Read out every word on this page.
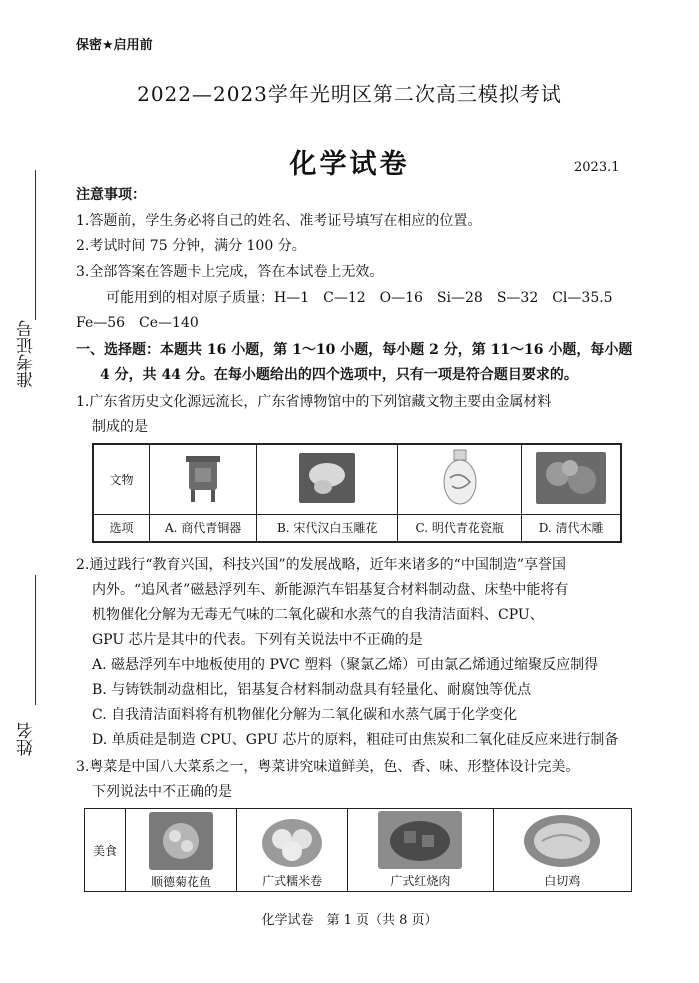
准考证号
姓名
保密★启用前
2022—2023学年光明区第二次高三模拟考试
化学试卷	2023.1
注意事项：
1.答题前，学生务必将自己的姓名、准考证号填写在相应的位置。
2.考试时间 75 分钟，满分 100 分。
3.全部答案在答题卡上完成，答在本试卷上无效。
可能用到的相对原子质量：H—1　C—12　O—16　Si—28　S—32　Cl—35.5
Fe—56　Ce—140
一、选择题：本题共 16 小题，第 1～10 小题，每小题 2 分，第 11～16 小题，每小题
4 分，共 44 分。在每小题给出的四个选项中，只有一项是符合题目要求的。
1.广东省历史文化源远流长，广东省博物馆中的下列馆藏文物主要由金属材料
制成的是
文物				
选项	A. 商代青铜器	B. 宋代汉白玉雕花	C. 明代青花瓷瓶	D. 清代木雕
2.通过践行“教育兴国，科技兴国”的发展战略，近年来诸多的“中国制造”享誉国
内外。“追风者”磁悬浮列车、新能源汽车铝基复合材料制动盘、床垫中能将有
机物催化分解为无毒无气味的二氧化碳和水蒸气的自我清洁面料、CPU、
GPU 芯片是其中的代表。下列有关说法中不正确的是
A. 磁悬浮列车中地板使用的 PVC 塑料（聚氯乙烯）可由氯乙烯通过缩聚反应制得
B. 与铸铁制动盘相比，铝基复合材料制动盘具有轻量化、耐腐蚀等优点
C. 自我清洁面料将有机物催化分解为二氧化碳和水蒸气属于化学变化
D. 单质硅是制造 CPU、GPU 芯片的原料，粗硅可由焦炭和二氧化硅反应来进行制备
3.粤菜是中国八大菜系之一，粤菜讲究味道鲜美，色、香、味、形整体设计完美。
下列说法中不正确的是
美食	
顺德菊花鱼	广式糯米卷	广式红烧肉	白切鸡
化学试卷　第 1 页（共 8 页）
